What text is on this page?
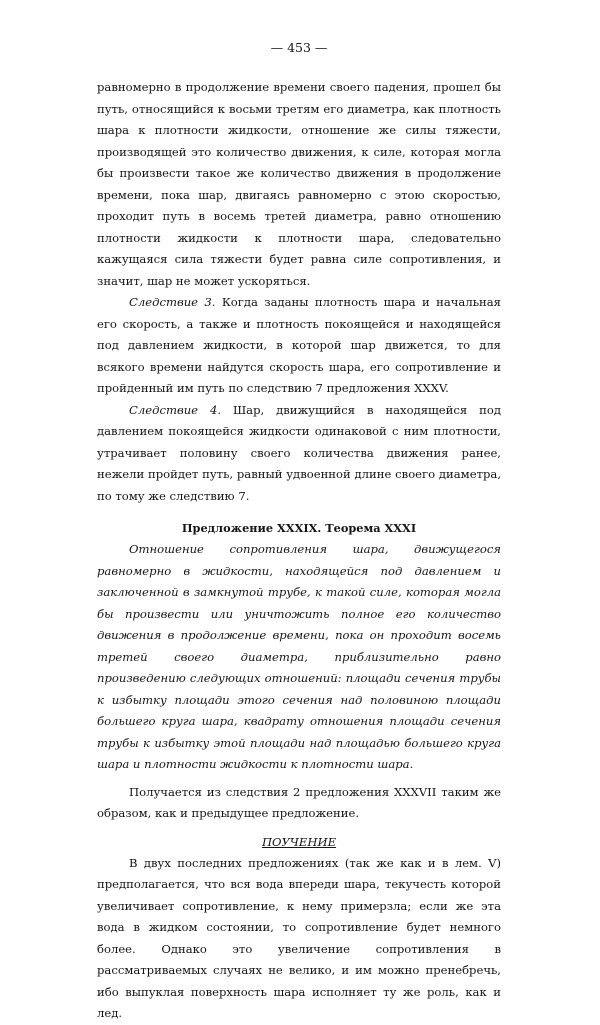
— 453 —

равномерно в продолжение времени своего падения, прошел бы путь, относящийся к восьми третям его диаметра, как плотность шара к плотности жидкости, отношение же силы тяжести, производящей это количество движения, к силе, которая могла бы произвести такое же количество движения в продолжение времени, пока шар, двигаясь равномерно с этою скоростью, проходит путь в восемь третей диаметра, равно отношению плотности жидкости к плотности шара, следовательно кажущаяся сила тяжести будет равна силе сопротивления, и значит, шар не может ускоряться.

Следствие 3. Когда заданы плотность шара и начальная его скорость, а также и плотность покоящейся и находящейся под давлением жидкости, в которой шар движется, то для всякого времени найдутся скорость шара, его сопротивление и пройденный им путь по следствию 7 предложения XXXV.

Следствие 4. Шар, движущийся в находящейся под давлением покоящейся жидкости одинаковой с ним плотности, утрачивает половину своего количества движения ранее, нежели пройдет путь, равный удвоенной длине своего диаметра, по тому же следствию 7.

Предложение XXXIX. Теорема XXXI

Отношение сопротивления шара, движущегося равномерно в жидкости, находящейся под давлением и заключенной в замкнутой трубе, к такой силе, которая могла бы произвести или уничтожить полное его количество движения в продолжение времени, пока он проходит восемь третей своего диаметра, приблизительно равно произведению следующих отношений: площади сечения трубы к избытку площади этого сечения над половиною площади большего круга шара, квадрату отношения площади сечения трубы к избытку этой площади над площадью большего круга шара и плотности жидкости к плотности шара.

Получается из следствия 2 предложения XXXVII таким же образом, как и предыдущее предложение.

ПОУЧЕНИЕ

В двух последних предложениях (так же как и в лем. V) предполагается, что вся вода впереди шара, текучесть которой увеличивает сопротивление, к нему примерзла; если же эта вода в жидком состоянии, то сопротивление будет немного более. Однако это увеличение сопротивления в рассматриваемых случаях не велико, и им можно пренебречь, ибо выпуклая поверхность шара исполняет ту же роль, как и лед.
